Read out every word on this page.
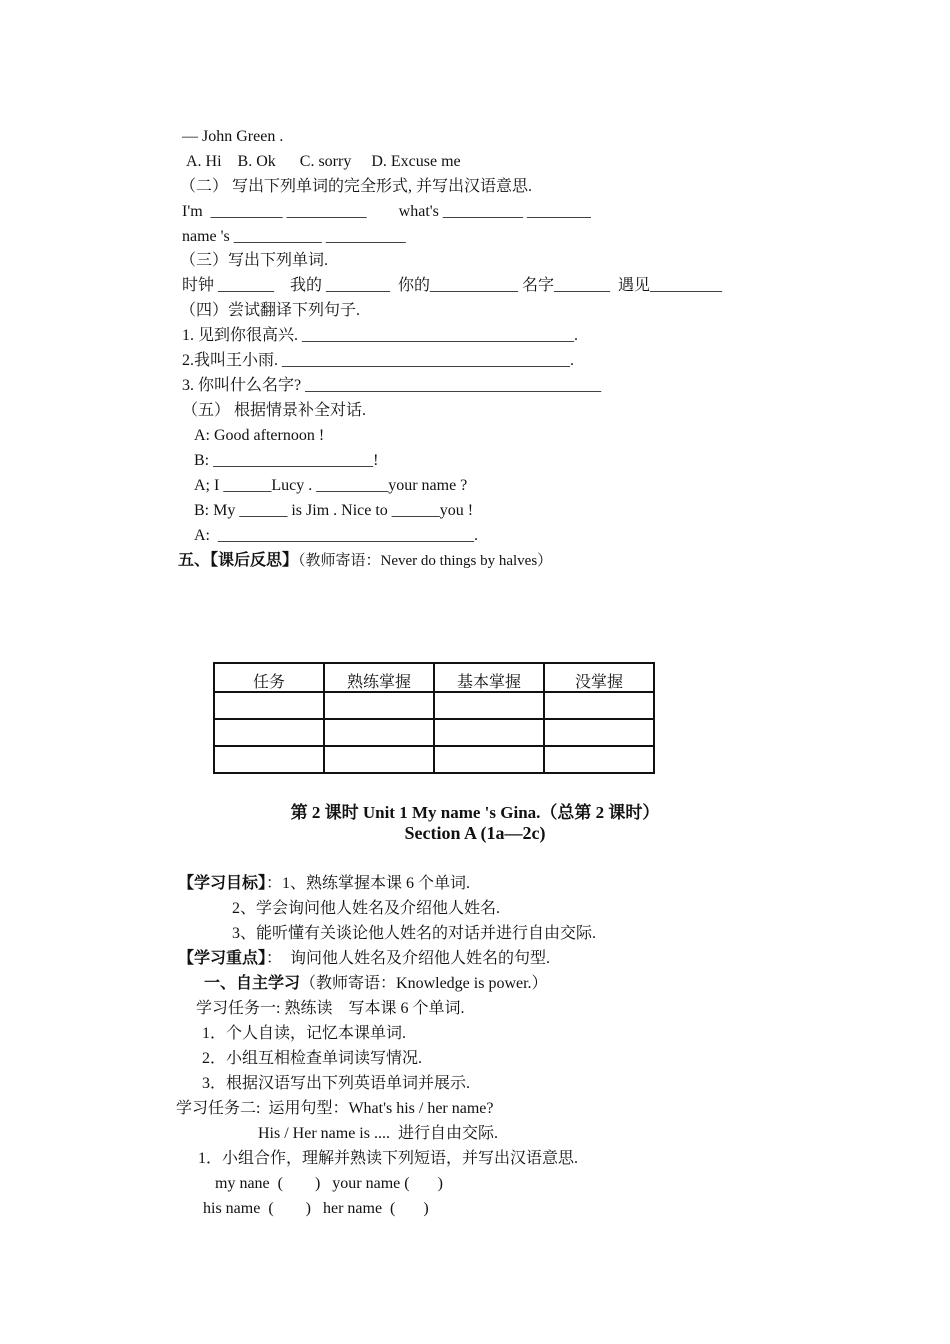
— John Green .
A. Hi    B. Ok      C. sorry     D. Excuse me
（二） 写出下列单词的完全形式, 并写出汉语意思.
I'm  _________ __________        what's __________ ________
name 's ___________ __________
（三）写出下列单词.
时钟 _______    我的 ________  你的___________ 名字_______  遇见_________
（四）尝试翻译下列句子.
1. 见到你很高兴. __________________________________.
2.我叫王小雨. ____________________________________.
3. 你叫什么名字? _____________________________________
（五） 根据情景补全对话.
A: Good afternoon !
B: ____________________!
A; I ______Lucy . _________your name ?
B: My ______ is Jim . Nice to ______you !
A:  ________________________________.
五、【课后反思】（教师寄语：Never do things by halves）
任务	熟练掌握	基本掌握	没掌握

第 2 课时 Unit 1 My name 's Gina.（总第 2 课时）
Section A (1a—2c)
【学习目标】：1、熟练掌握本课 6 个单词.
2、学会询问他人姓名及介绍他人姓名.
3、能听懂有关谈论他人姓名的对话并进行自由交际.
【学习重点】：  询问他人姓名及介绍他人姓名的句型.
一、自主学习（教师寄语：Knowledge is power.）
学习任务一: 熟练读    写本课 6 个单词.
1．个人自读，记忆本课单词.
2．小组互相检查单词读写情况.
3．根据汉语写出下列英语单词并展示.
学习任务二:  运用句型：What's his / her name?
His / Her name is ....  进行自由交际.
1．小组合作，理解并熟读下列短语，并写出汉语意思.
my nane  (        )   your name (       )
his name  (        )   her name  (       )
